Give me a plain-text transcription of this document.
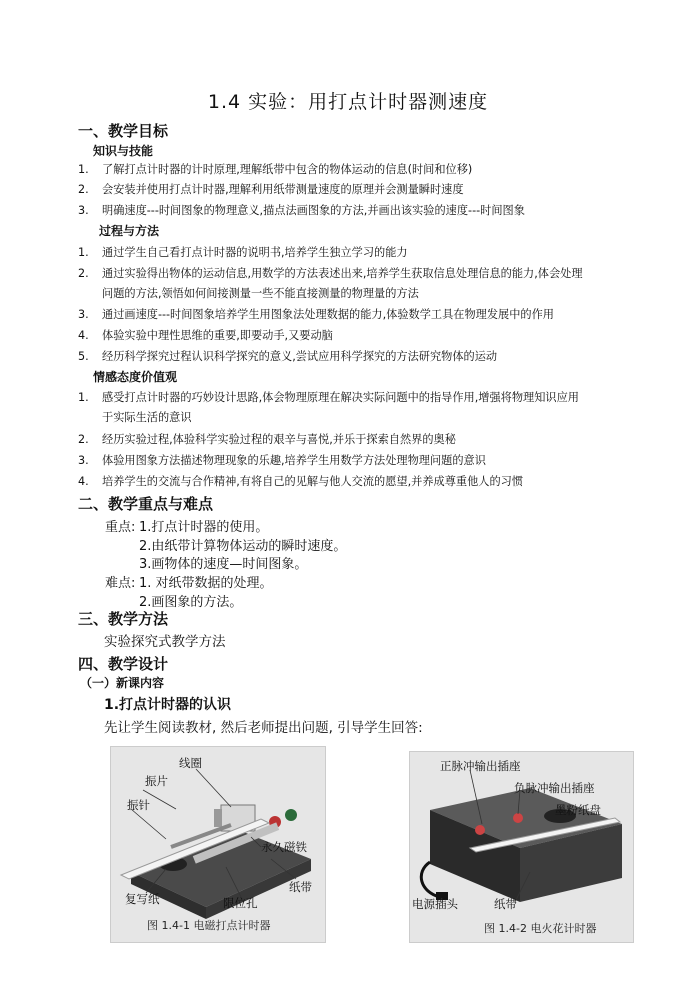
1.4 实验：用打点计时器测速度
一、教学目标
知识与技能
1. 了解打点计时器的计时原理,理解纸带中包含的物体运动的信息(时间和位移)
2. 会安装并使用打点计时器,理解利用纸带测量速度的原理并会测量瞬时速度
3. 明确速度---时间图象的物理意义,描点法画图象的方法,并画出该实验的速度---时间图象
过程与方法
1. 通过学生自己看打点计时器的说明书,培养学生独立学习的能力
2. 通过实验得出物体的运动信息,用数学的方法表述出来,培养学生获取信息处理信息的能力,体会处理
问题的方法,领悟如何间接测量一些不能直接测量的物理量的方法
3. 通过画速度---时间图象培养学生用图象法处理数据的能力,体验数学工具在物理发展中的作用
4. 体验实验中理性思维的重要,即要动手,又要动脑
5. 经历科学探究过程认识科学探究的意义,尝试应用科学探究的方法研究物体的运动
情感态度价值观
1. 感受打点计时器的巧妙设计思路,体会物理原理在解决实际问题中的指导作用,增强将物理知识应用
于实际生活的意识
2. 经历实验过程,体验科学实验过程的艰辛与喜悦,并乐于探索自然界的奥秘
3. 体验用图象方法描述物理现象的乐趣,培养学生用数学方法处理物理问题的意识
4. 培养学生的交流与合作精神,有将自己的见解与他人交流的愿望,并养成尊重他人的习惯
二、教学重点与难点
重点: 1.打点计时器的使用。
2.由纸带计算物体运动的瞬时速度。
3.画物体的速度—时间图象。
难点: 1. 对纸带数据的处理。
2.画图象的方法。
三、教学方法
实验探究式教学方法
四、教学设计
（一）新课内容
1.打点计时器的认识
先让学生阅读教材, 然后老师提出问题, 引导学生回答:
线圈
振片
振针
永久磁铁
复写纸	限位孔
纸带
图 1.4-1 电磁打点计时器
正脉冲输出插座
负脉冲输出插座
墨粉纸盘
电源插头	纸带
图 1.4-2 电火花计时器
